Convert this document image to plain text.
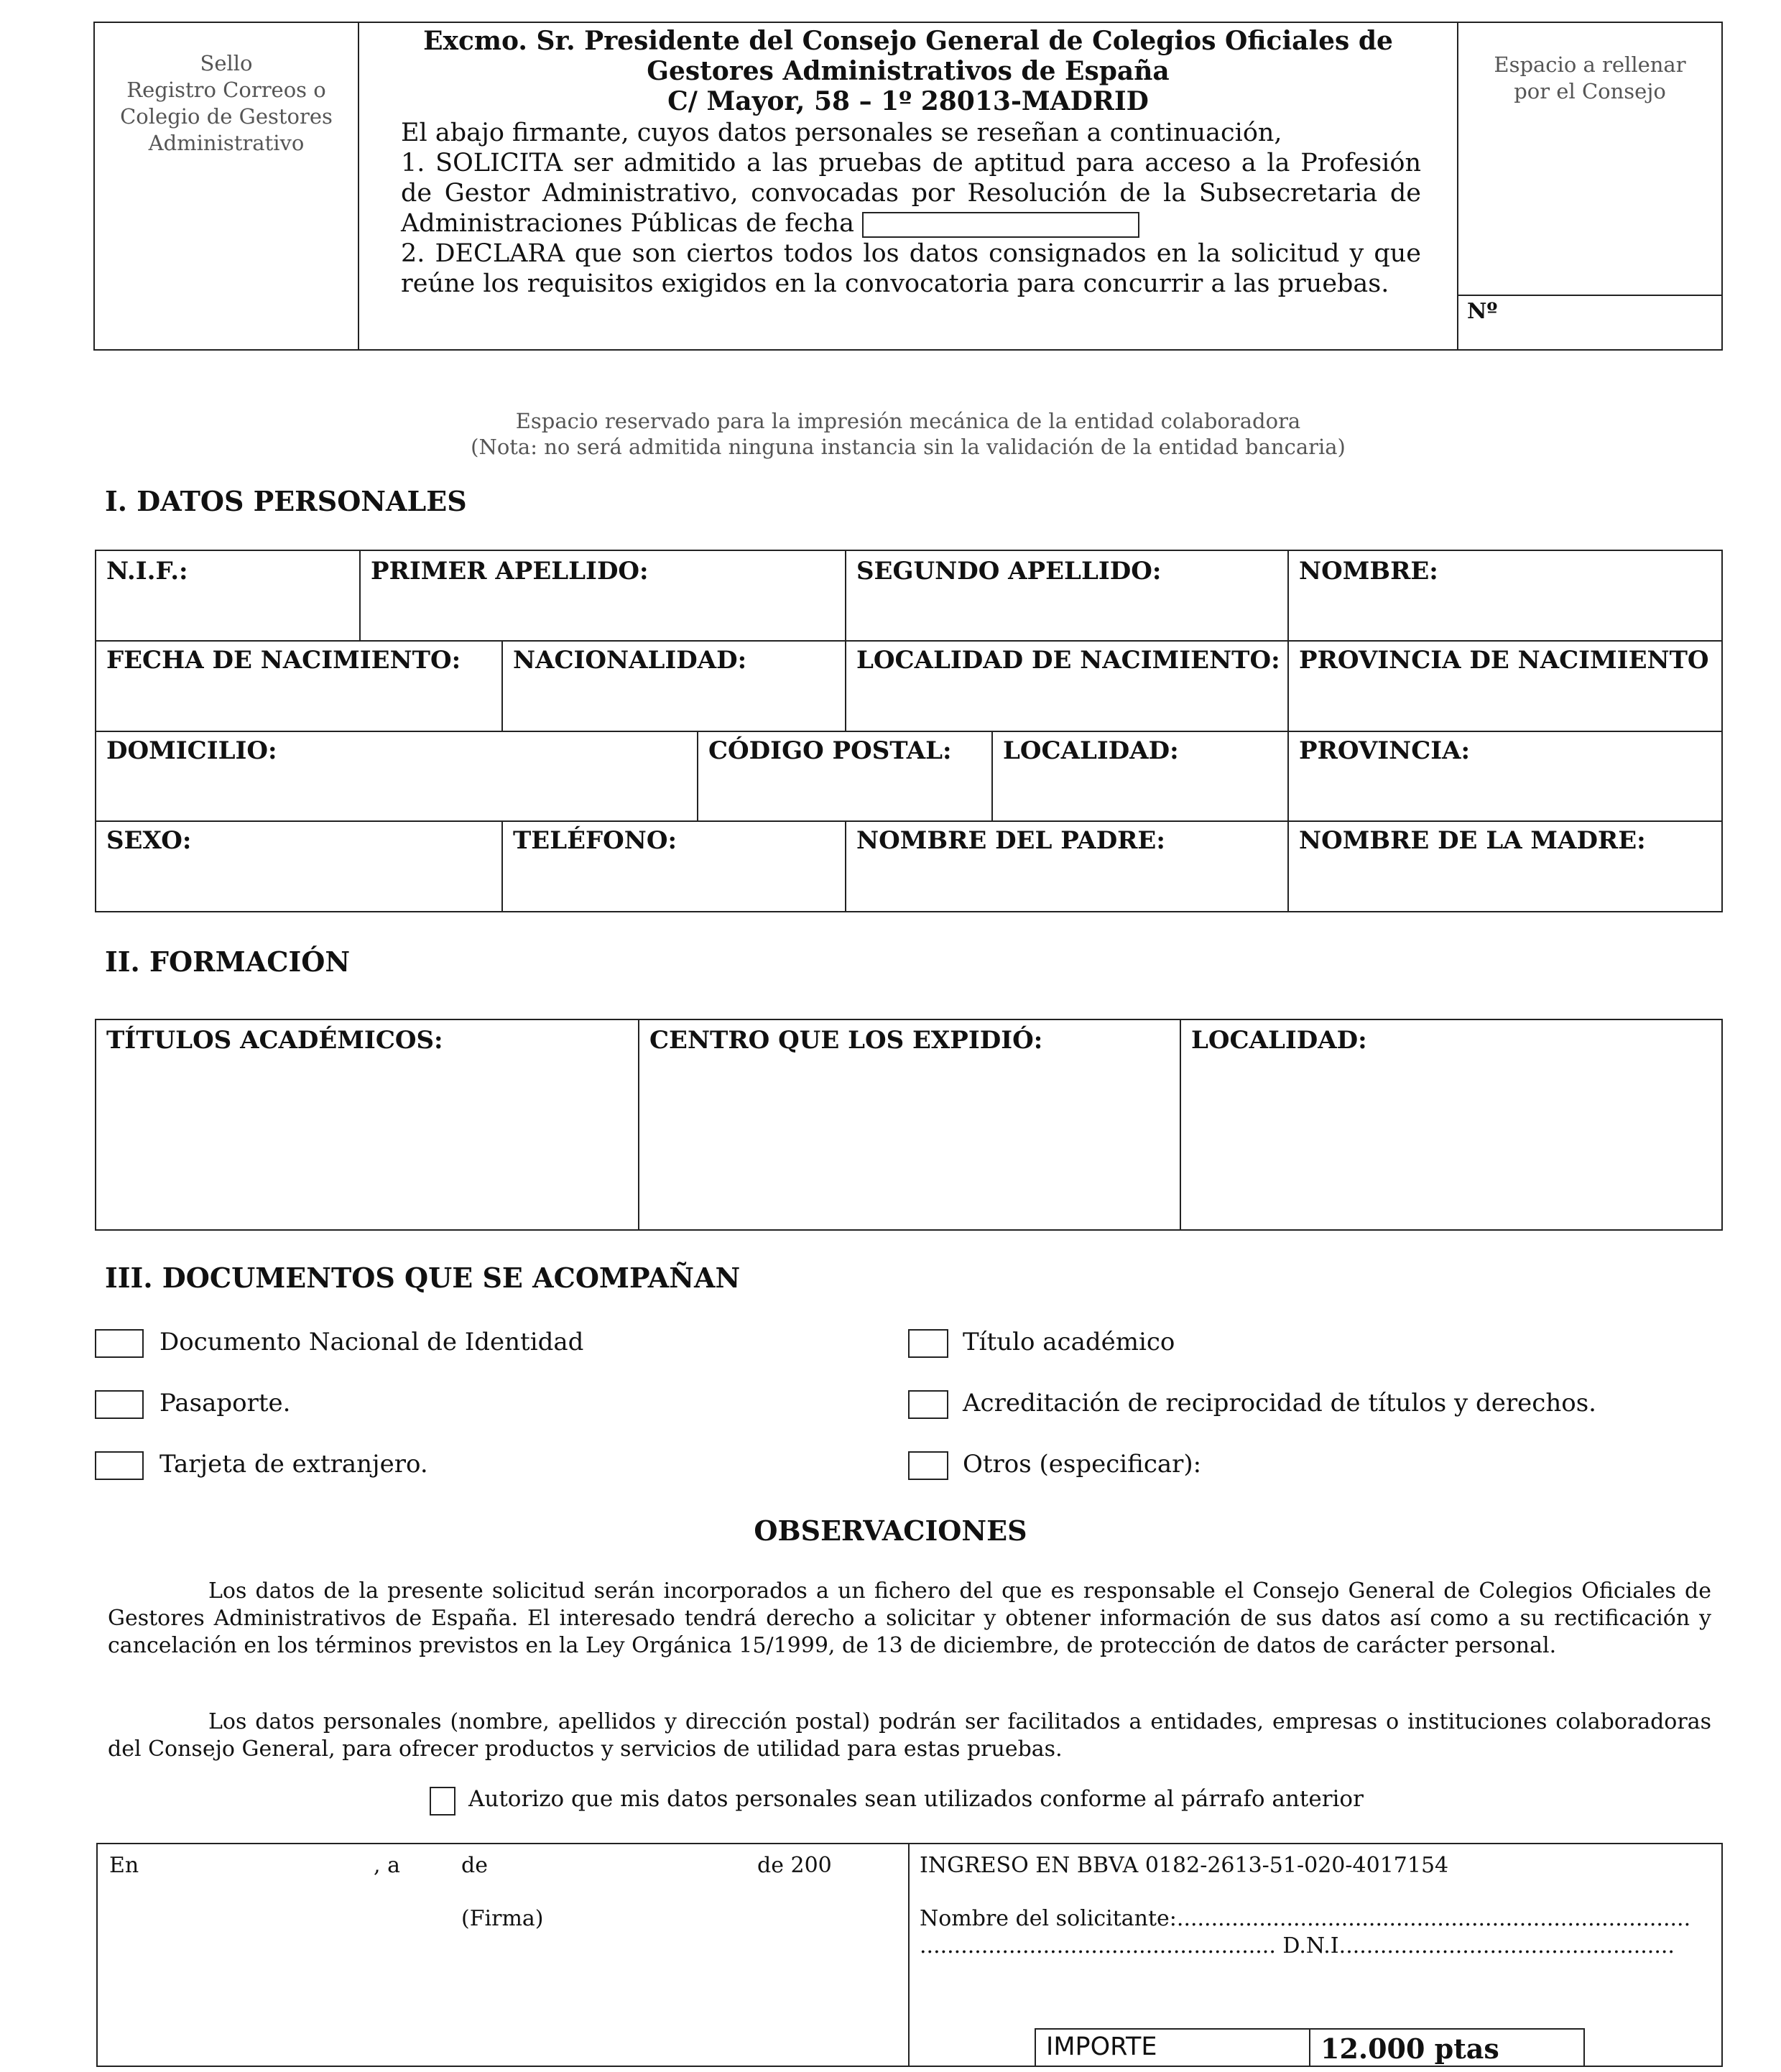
Sello
Registro Correos o
Colegio de Gestores
Administrativo
Excmo. Sr. Presidente del Consejo General de Colegios Oficiales de
Gestores Administrativos de España
C/ Mayor, 58 – 1º 28013-MADRID
El abajo firmante, cuyos datos personales se reseñan a continuación,
1. SOLICITA ser admitido a las pruebas de aptitud para acceso a la Profesión de Gestor Administrativo, convocadas por Resolución de la Subsecretaria de Administraciones Públicas de fecha
2. DECLARA que son ciertos todos los datos consignados en la solicitud y que reúne los requisitos exigidos en la convocatoria para concurrir a las pruebas.
Espacio a rellenar
por el Consejo
Nº
Espacio reservado para la impresión mecánica de la entidad colaboradora
(Nota: no será admitida ninguna instancia sin la validación de la entidad bancaria)
I. DATOS PERSONALES
N.I.F.:	PRIMER APELLIDO:	SEGUNDO APELLIDO:	NOMBRE:
FECHA DE NACIMIENTO: NACIONALIDAD:	LOCALIDAD DE NACIMIENTO: PROVINCIA DE NACIMIENTO
DOMICILIO:	CÓDIGO POSTAL: LOCALIDAD:	PROVINCIA:
SEXO:	TELÉFONO:	NOMBRE DEL PADRE:	NOMBRE DE LA MADRE:
II. FORMACIÓN
TÍTULOS ACADÉMICOS:	CENTRO QUE LOS EXPIDIÓ:	LOCALIDAD:
III. DOCUMENTOS QUE SE ACOMPAÑAN
Documento Nacional de Identidad
Pasaporte.
Tarjeta de extranjero.
Título académico
Acreditación de reciprocidad de títulos y derechos.
Otros (especificar):
OBSERVACIONES
Los datos de la presente solicitud serán incorporados a un fichero del que es responsable el Consejo General de Colegios Oficiales de Gestores Administrativos de España. El interesado tendrá derecho a solicitar y obtener información de sus datos así como a su rectificación y cancelación en los términos previstos en la Ley Orgánica 15/1999, de 13 de diciembre, de protección de datos de carácter personal.
Los datos personales (nombre, apellidos y dirección postal) podrán ser facilitados a entidades, empresas o instituciones colaboradoras del Consejo General, para ofrecer productos y servicios de utilidad para estas pruebas.
Autorizo que mis datos personales sean utilizados conforme al párrafo anterior
En	, a	de	de 200
(Firma)
INGRESO EN BBVA 0182-2613-51-020-4017154
Nombre del solicitante:...........................................................................
.................................................... D.N.I.................................................
IMPORTE	12.000 ptas
